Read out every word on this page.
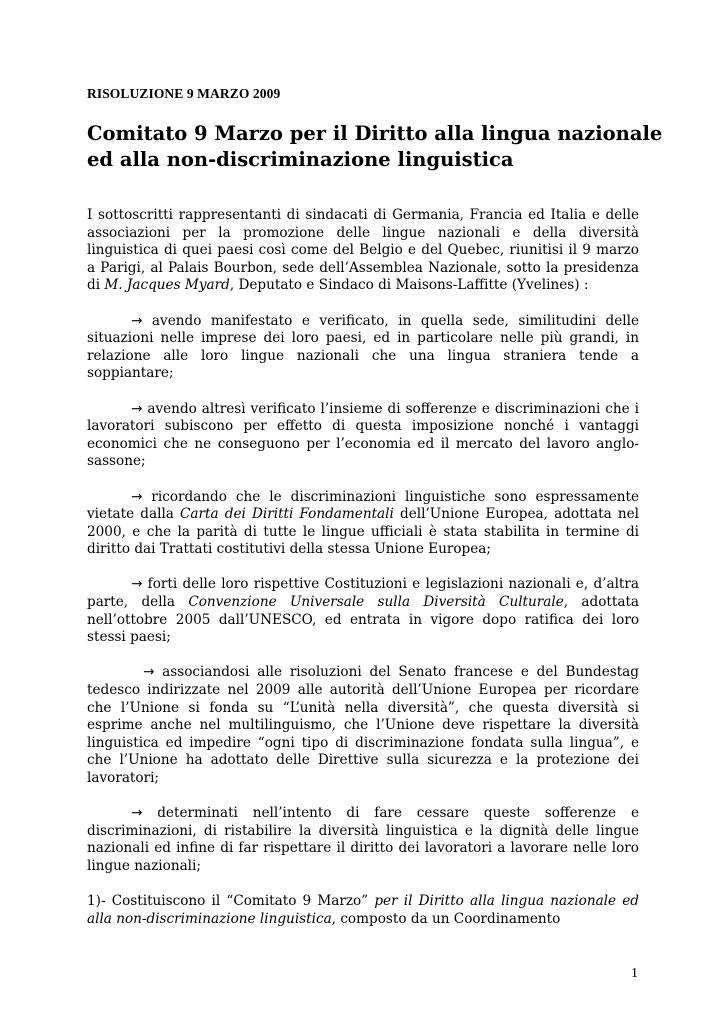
RISOLUZIONE 9 MARZO 2009
Comitato 9 Marzo per il Diritto alla lingua nazionale
ed alla non-discriminazione linguistica

I sottoscritti rappresentanti di sindacati di Germania, Francia ed Italia e delle associazioni per la promozione delle lingue nazionali e della diversità linguistica di quei paesi così come del Belgio e del Quebec, riunitisi il 9 marzo a Parigi, al Palais Bourbon, sede dell’Assemblea Nazionale, sotto la presidenza di M. Jacques Myard, Deputato e Sindaco di Maisons-Laffitte (Yvelines) :

→ avendo manifestato e verificato, in quella sede, similitudini delle situazioni nelle imprese dei loro paesi, ed in particolare nelle più grandi, in relazione alle loro lingue nazionali che una lingua straniera tende a soppiantare;

→ avendo altresì verificato l’insieme di sofferenze e discriminazioni che i lavoratori subiscono per effetto di questa imposizione nonché i vantaggi economici che ne conseguono per l’economia ed il mercato del lavoro anglo-sassone;

→ ricordando che le discriminazioni linguistiche sono espressamente vietate dalla Carta dei Diritti Fondamentali dell’Unione Europea, adottata nel 2000, e che la parità di tutte le lingue ufficiali è stata stabilita in termine di diritto dai Trattati costitutivi della stessa Unione Europea;

→ forti delle loro rispettive Costituzioni e legislazioni nazionali e, d’altra parte, della Convenzione Universale sulla Diversità Culturale, adottata nell’ottobre 2005 dall’UNESCO, ed entrata in vigore dopo ratifica dei loro stessi paesi;

→ associandosi alle risoluzioni del Senato francese e del Bundestag tedesco indirizzate nel 2009 alle autorità dell’Unione Europea per ricordare che l’Unione si fonda su “L’unità nella diversità”, che questa diversità si esprime anche nel multilinguismo, che l’Unione deve rispettare la diversità linguistica ed impedire “ogni tipo di discriminazione fondata sulla lingua”, e che l’Unione ha adottato delle Direttive sulla sicurezza e la protezione dei lavoratori;

→ determinati nell’intento di fare cessare queste sofferenze e discriminazioni, di ristabilire la diversità linguistica e la dignità delle lingue nazionali ed infine di far rispettare il diritto dei lavoratori a lavorare nelle loro lingue nazionali;

1)- Costituiscono il “Comitato 9 Marzo” per il Diritto alla lingua nazionale ed alla non-discriminazione linguistica, composto da un Coordinamento

1
